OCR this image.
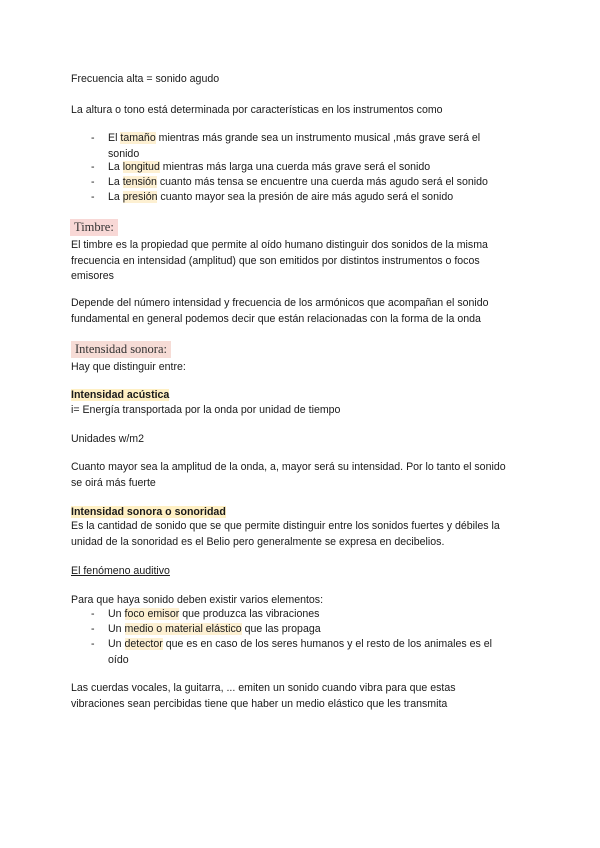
Frecuencia alta = sonido agudo
La altura o tono está determinada por características en los instrumentos como
- El tamaño mientras más grande sea un instrumento musical ,más grave será el
sonido
- La longitud mientras más larga una cuerda más grave será el sonido
- La tensión cuanto más tensa se encuentre una cuerda más agudo será el sonido
- La presión cuanto mayor sea la presión de aire más agudo será el sonido
Timbre:
El timbre es la propiedad que permite al oído humano distinguir dos sonidos de la misma
frecuencia en intensidad (amplitud) que son emitidos por distintos instrumentos o focos
emisores
Depende del número intensidad y frecuencia de los armónicos que acompañan el sonido
fundamental en general podemos decir que están relacionadas con la forma de la onda
Intensidad sonora:
Hay que distinguir entre:
Intensidad acústica
i= Energía transportada por la onda por unidad de tiempo
Unidades w/m2
Cuanto mayor sea la amplitud de la onda, a, mayor será su intensidad. Por lo tanto el sonido
se oirá más fuerte
Intensidad sonora o sonoridad
Es la cantidad de sonido que se que permite distinguir entre los sonidos fuertes y débiles la
unidad de la sonoridad es el Belio pero generalmente se expresa en decibelios.
El fenómeno auditivo
Para que haya sonido deben existir varios elementos:
- Un foco emisor que produzca las vibraciones
- Un medio o material elástico que las propaga
- Un detector que es en caso de los seres humanos y el resto de los animales es el
oído
Las cuerdas vocales, la guitarra, ... emiten un sonido cuando vibra para que estas
vibraciones sean percibidas tiene que haber un medio elástico que les transmita
